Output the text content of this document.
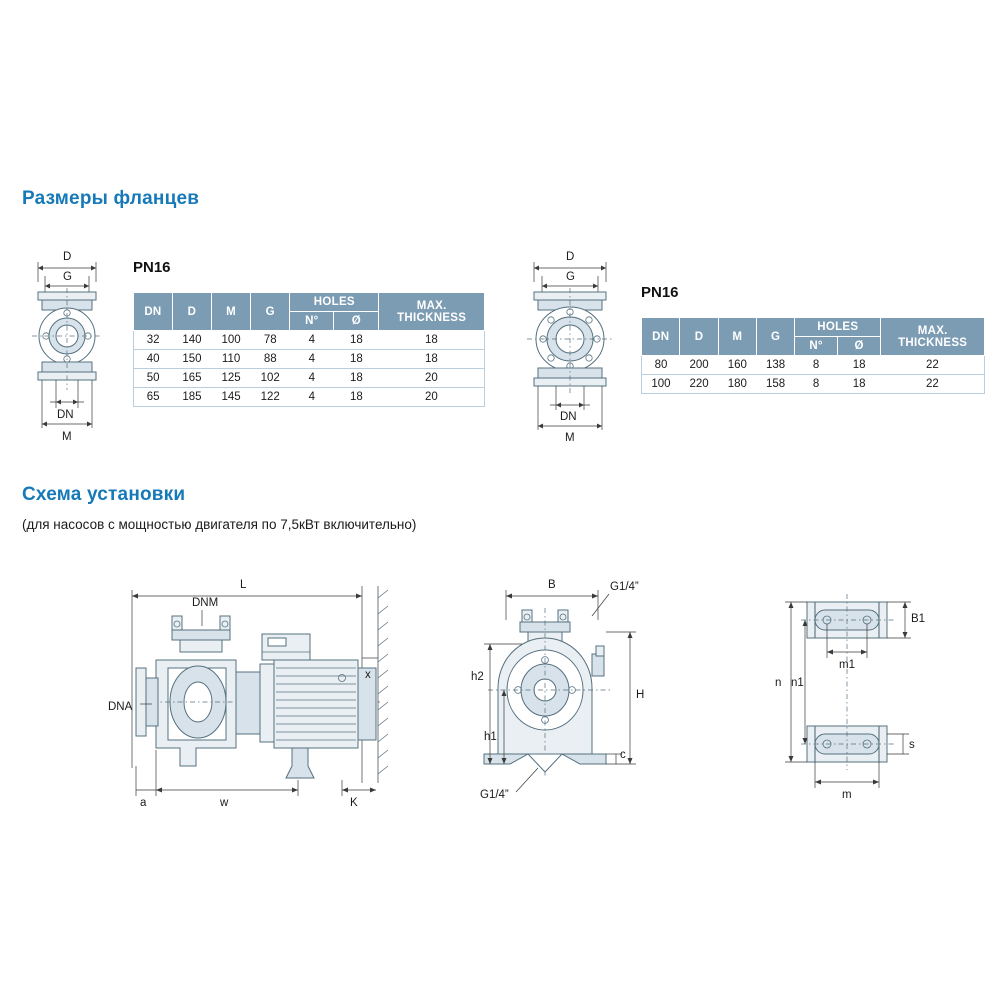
Размеры фланцев
D
G
DN
M
PN16
DN	D	M	G	HOLES		MAX. THICKNESS
				N°	Ø	
32	140	100	78	4	18	18
40	150	110	88	4	18	18
50	165	125	102	4	18	20
65	185	145	122	4	18	20
D
G
DN
M
PN16
DN	D	M	G	HOLES		MAX. THICKNESS
				N°	Ø	
80	200	160	138	8	18	22
100	220	180	158	8	18	22
Схема установки
(для насосов с мощностью двигателя по 7,5кВт включительно)
L
DNM
DNA
x
a	w	K
B	G1/4”
G1/4”
h2
h1
H
c
B1
m1
n n1
s
m
